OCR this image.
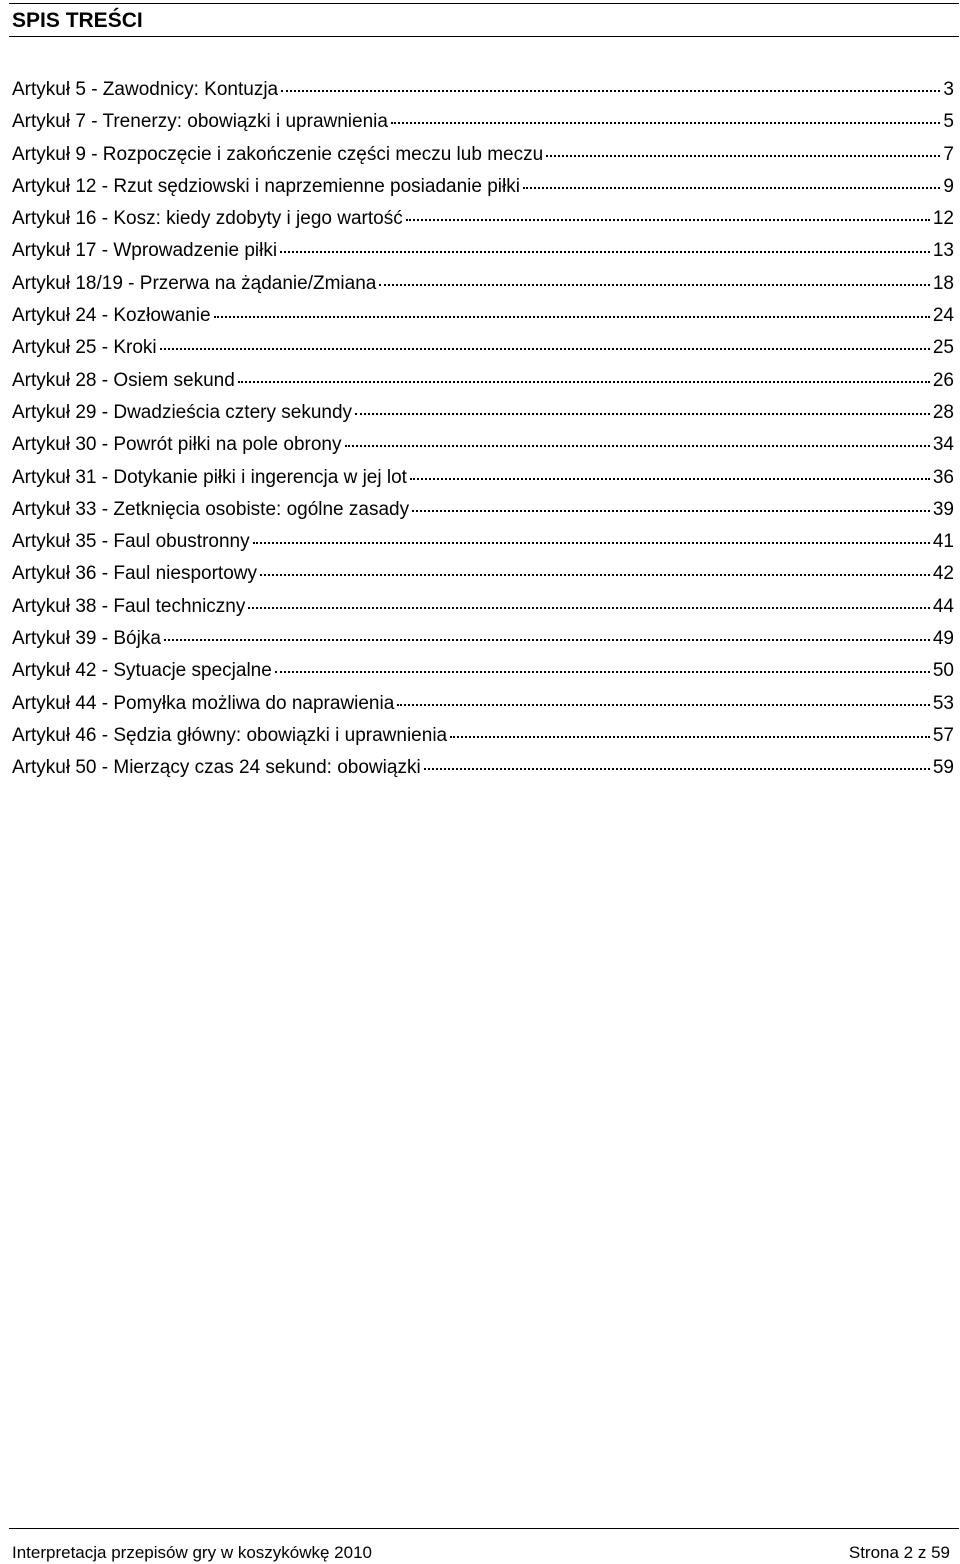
SPIS TREŚCI
Artykuł 5 - Zawodnicy: Kontuzja	3
Artykuł 7 - Trenerzy: obowiązki i uprawnienia	5
Artykuł 9 - Rozpoczęcie i zakończenie części meczu lub meczu	7
Artykuł 12 - Rzut sędziowski i naprzemienne posiadanie piłki	9
Artykuł 16 - Kosz: kiedy zdobyty i jego wartość	12
Artykuł 17 - Wprowadzenie piłki	13
Artykuł 18/19 - Przerwa na żądanie/Zmiana	18
Artykuł 24 - Kozłowanie	24
Artykuł 25 - Kroki	25
Artykuł 28 - Osiem sekund	26
Artykuł 29 - Dwadzieścia cztery sekundy	28
Artykuł 30 - Powrót piłki na pole obrony	34
Artykuł 31 - Dotykanie piłki i ingerencja w jej lot	36
Artykuł 33 - Zetknięcia osobiste: ogólne zasady	39
Artykuł 35 - Faul obustronny	41
Artykuł 36 - Faul niesportowy	42
Artykuł 38 - Faul techniczny	44
Artykuł 39 - Bójka	49
Artykuł 42 - Sytuacje specjalne	50
Artykuł 44 - Pomyłka możliwa do naprawienia	53
Artykuł 46 - Sędzia główny: obowiązki i uprawnienia	57
Artykuł 50 - Mierzący czas 24 sekund: obowiązki	59
Interpretacja przepisów gry w koszykówkę 2010	Strona 2 z 59
